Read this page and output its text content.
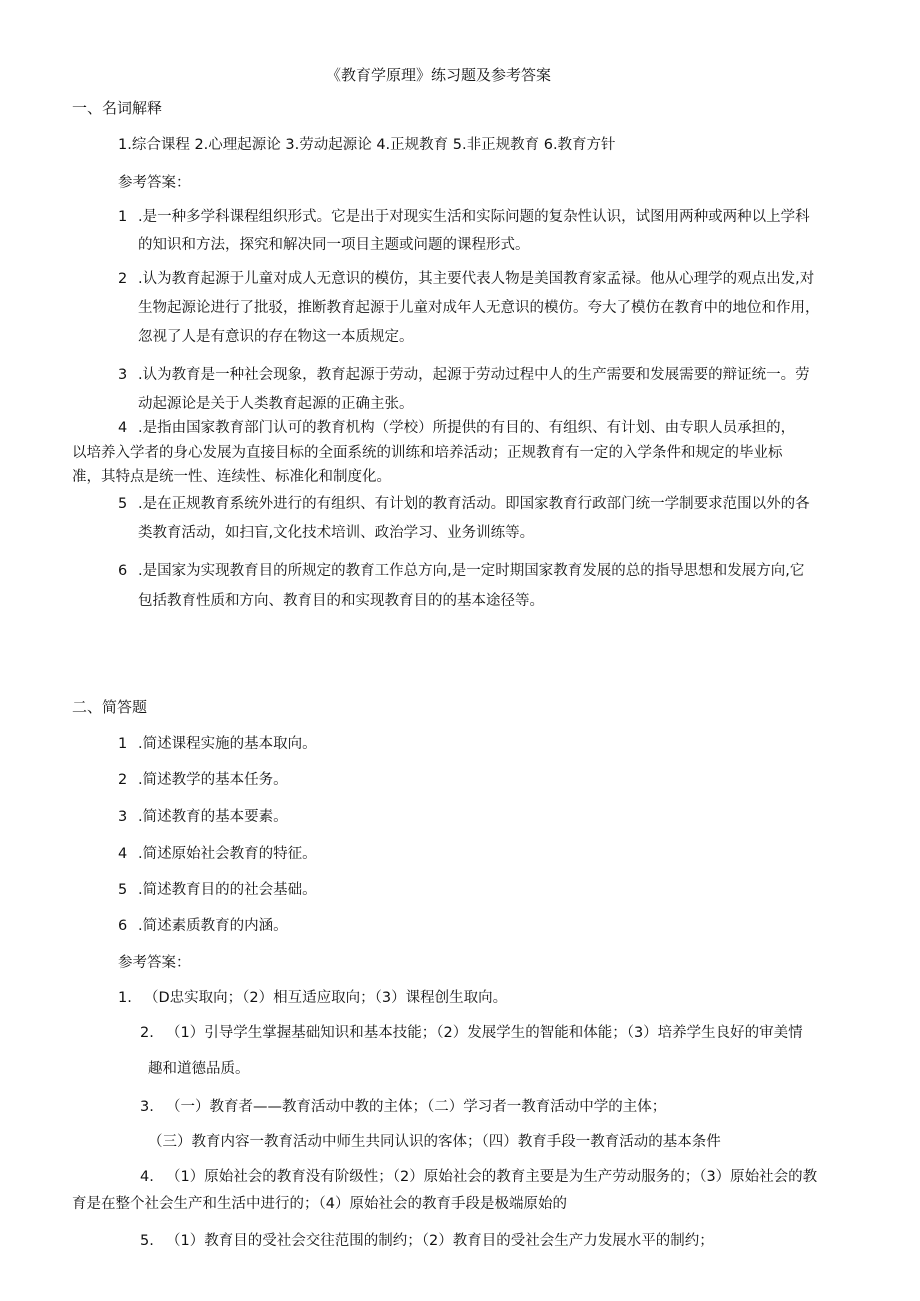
《教育学原理》练习题及参考答案
一、名词解释
1.综合课程 2.心理起源论 3.劳动起源论 4.正规教育 5.非正规教育 6.教育方针
参考答案：
1 .是一种多学科课程组织形式。它是出于对现实生活和实际问题的复杂性认识，试图用两种或两种以上学科
的知识和方法，探究和解决同一项目主题或问题的课程形式。
2 .认为教育起源于儿童对成人无意识的模仿，其主要代表人物是美国教育家孟禄。他从心理学的观点出发,对
生物起源论进行了批驳，推断教育起源于儿童对成年人无意识的模仿。夸大了模仿在教育中的地位和作用，
忽视了人是有意识的存在物这一本质规定。
3 .认为教育是一种社会现象，教育起源于劳动，起源于劳动过程中人的生产需要和发展需要的辩证统一。劳
动起源论是关于人类教育起源的正确主张。
4 .是指由国家教育部门认可的教育机构（学校）所提供的有目的、有组织、有计划、由专职人员承担的，
以培养入学者的身心发展为直接目标的全面系统的训练和培养活动；正规教育有一定的入学条件和规定的毕业标
准，其特点是统一性、连续性、标准化和制度化。
5 .是在正规教育系统外进行的有组织、有计划的教育活动。即国家教育行政部门统一学制要求范围以外的各
类教育活动，如扫盲,文化技术培训、政治学习、业务训练等。
6 .是国家为实现教育目的所规定的教育工作总方向,是一定时期国家教育发展的总的指导思想和发展方向,它
包括教育性质和方向、教育目的和实现教育目的的基本途径等。
二、简答题
1 .简述课程实施的基本取向。
2 .简述教学的基本任务。
3 .简述教育的基本要素。
4 .简述原始社会教育的特征。
5 .简述教育目的的社会基础。
6 .简述素质教育的内涵。
参考答案：
1. （D忠实取向；（2）相互适应取向；（3）课程创生取向。
2. （1）引导学生掌握基础知识和基本技能；（2）发展学生的智能和体能；（3）培养学生良好的审美情
趣和道德品质。
3. （一）教育者——教育活动中教的主体；（二）学习者一教育活动中学的主体；
（三）教育内容一教育活动中师生共同认识的客体；（四）教育手段一教育活动的基本条件
4. （1）原始社会的教育没有阶级性；（2）原始社会的教育主要是为生产劳动服务的；（3）原始社会的教
育是在整个社会生产和生活中进行的；（4）原始社会的教育手段是极端原始的
5. （1）教育目的受社会交往范围的制约；（2）教育目的受社会生产力发展水平的制约；
